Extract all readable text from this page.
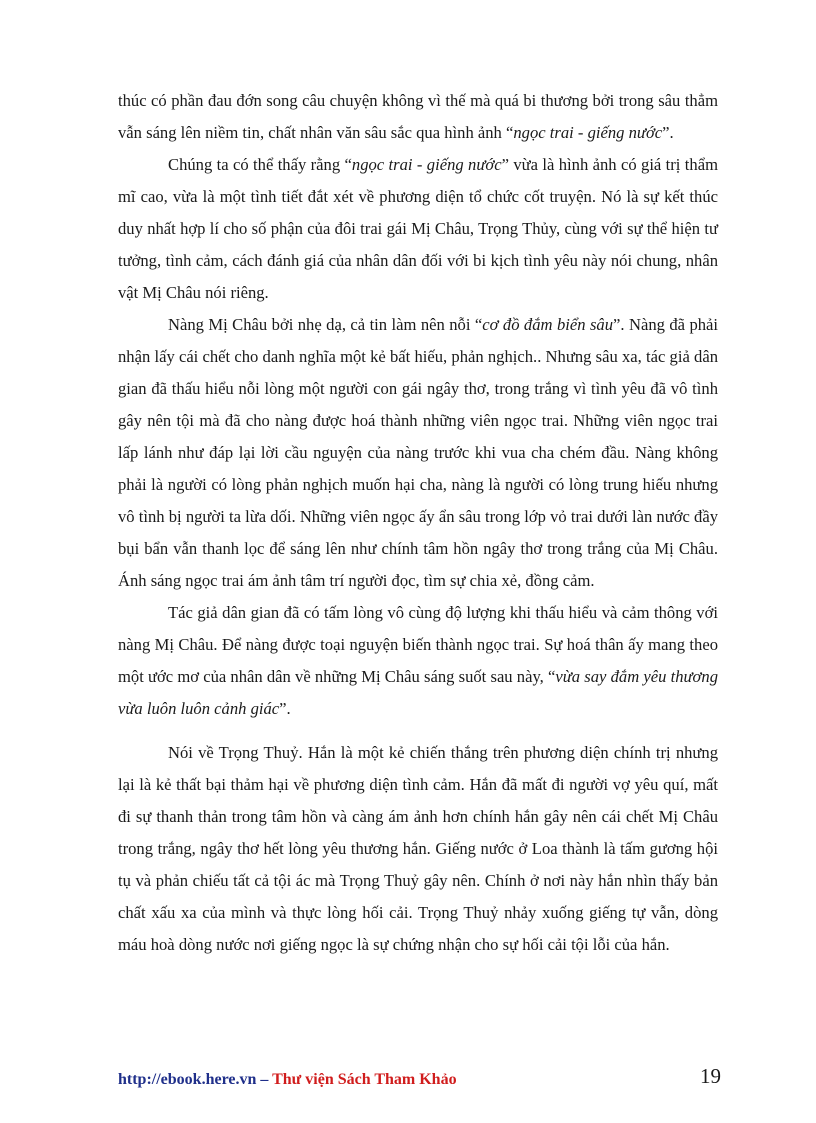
thúc có phần đau đớn song câu chuyện không vì thế mà quá bi thương bởi trong sâu thẳm vẫn sáng lên niềm tin, chất nhân văn sâu sắc qua hình ảnh “ngọc trai - giếng nước”.

Chúng ta có thể thấy rằng “ngọc trai - giếng nước” vừa là hình ảnh có giá trị thẩm mĩ cao, vừa là một tình tiết đắt xét về phương diện tổ chức cốt truyện. Nó là sự kết thúc duy nhất hợp lí cho số phận của đôi trai gái Mị Châu, Trọng Thủy, cùng với sự thể hiện tư tưởng, tình cảm, cách đánh giá của nhân dân đối với bi kịch tình yêu này nói chung, nhân vật Mị Châu nói riêng.

Nàng Mị Châu bởi nhẹ dạ, cả tin làm nên nỗi “cơ đồ đắm biển sâu”. Nàng đã phải nhận lấy cái chết cho danh nghĩa một kẻ bất hiếu, phản nghịch.. Nhưng sâu xa, tác giả dân gian đã thấu hiểu nỗi lòng một người con gái ngây thơ, trong trắng vì tình yêu đã vô tình gây nên tội mà đã cho nàng được hoá thành những viên ngọc trai. Những viên ngọc trai lấp lánh như đáp lại lời cầu nguyện của nàng trước khi vua cha chém đầu. Nàng không phải là người có lòng phản nghịch muốn hại cha, nàng là người có lòng trung hiếu nhưng vô tình bị người ta lừa dối. Những viên ngọc ấy ẩn sâu trong lớp vỏ trai dưới làn nước đầy bụi bẩn vẫn thanh lọc để sáng lên như chính tâm hồn ngây thơ trong trắng của Mị Châu. Ánh sáng ngọc trai ám ảnh tâm trí người đọc, tìm sự chia xẻ, đồng cảm.

Tác giả dân gian đã có tấm lòng vô cùng độ lượng khi thấu hiểu và cảm thông với nàng Mị Châu. Để nàng được toại nguyện biến thành ngọc trai. Sự hoá thân ấy mang theo một ước mơ của nhân dân về những Mị Châu sáng suốt sau này, “vừa say đắm yêu thương vừa luôn luôn cảnh giác”.

Nói về Trọng Thuỷ. Hắn là một kẻ chiến thắng trên phương diện chính trị nhưng lại là kẻ thất bại thảm hại về phương diện tình cảm. Hắn đã mất đi người vợ yêu quí, mất đi sự thanh thản trong tâm hồn và càng ám ảnh hơn chính hắn gây nên cái chết Mị Châu trong trắng, ngây thơ hết lòng yêu thương hắn. Giếng nước ở Loa thành là tấm gương hội tụ và phản chiếu tất cả tội ác mà Trọng Thuỷ gây nên. Chính ở nơi này hắn nhìn thấy bản chất xấu xa của mình và thực lòng hối cải. Trọng Thuỷ nhảy xuống giếng tự vẫn, dòng máu hoà dòng nước nơi giếng ngọc là sự chứng nhận cho sự hối cải tội lỗi của hắn.

http://ebook.here.vn – Thư viện Sách Tham Khảo	19
